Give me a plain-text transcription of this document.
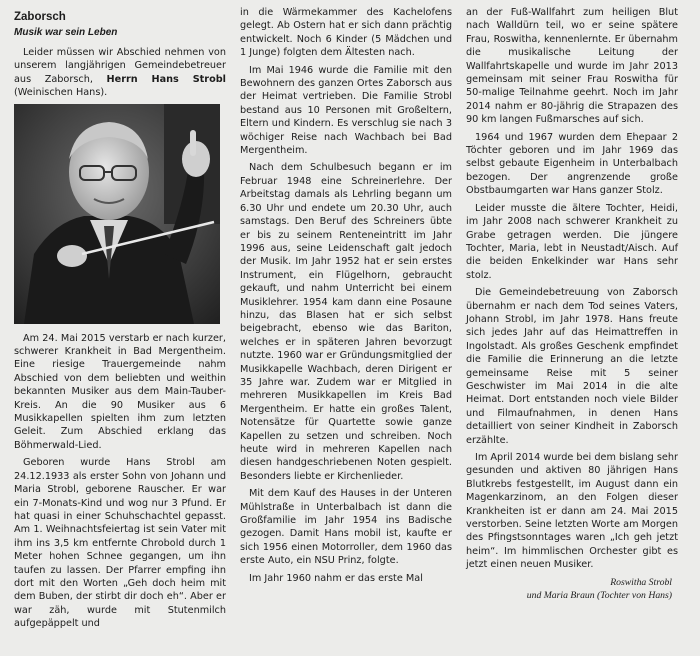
Zaborsch
Musik war sein Leben

Leider müssen wir Abschied nehmen von unserem langjährigen Gemeindebetreuer aus Zaborsch, Herrn Hans Strobl (Weinischen Hans).

Am 24. Mai 2015 verstarb er nach kurzer, schwerer Krankheit in Bad Mergentheim. Eine riesige Trauergemeinde nahm Abschied von dem beliebten und weithin bekannten Musiker aus dem Main-Tauber-Kreis. An die 90 Musiker aus 6 Musikkapellen spielten ihm zum letzten Geleit. Zum Abschied erklang das Böhmerwald-Lied.

Geboren wurde Hans Strobl am 24.12.1933 als erster Sohn von Johann und Maria Strobl, geborene Rauscher. Er war ein 7-Monats-Kind und wog nur 3 Pfund. Er hat quasi in einer Schuhschachtel gepasst. Am 1. Weihnachtsfeiertag ist sein Vater mit ihm ins 3,5 km entfernte Chrobold durch 1 Meter hohen Schnee gegangen, um ihn taufen zu lassen. Der Pfarrer empfing ihn dort mit den Worten „Geh doch heim mit dem Buben, der stirbt dir doch eh“. Aber er war zäh, wurde mit Stutenmilch aufgepäppelt und

in die Wärmekammer des Kachelofens gelegt. Ab Ostern hat er sich dann prächtig entwickelt. Noch 6 Kinder (5 Mädchen und 1 Junge) folgten dem Ältesten nach.

Im Mai 1946 wurde die Familie mit den Bewohnern des ganzen Ortes Zaborsch aus der Heimat vertrieben. Die Familie Strobl bestand aus 10 Personen mit Großeltern, Eltern und Kindern. Es verschlug sie nach 3 wöchiger Reise nach Wachbach bei Bad Mergentheim.

Nach dem Schulbesuch begann er im Februar 1948 eine Schreinerlehre. Der Arbeitstag damals als Lehrling begann um 6.30 Uhr und endete um 20.30 Uhr, auch samstags. Den Beruf des Schreiners übte er bis zu seinem Renteneintritt im Jahr 1996 aus, seine Leidenschaft galt jedoch der Musik. Im Jahr 1952 hat er sein erstes Instrument, ein Flügelhorn, gebraucht gekauft, und nahm Unterricht bei einem Musiklehrer. 1954 kam dann eine Posaune hinzu, das Blasen hat er sich selbst beigebracht, ebenso wie das Bariton, welches er in späteren Jahren bevorzugt nutzte. 1960 war er Gründungsmitglied der Musikkapelle Wachbach, deren Dirigent er 35 Jahre war. Zudem war er Mitglied in mehreren Musikkapellen im Kreis Bad Mergentheim. Er hatte ein großes Talent, Notensätze für Quartette sowie ganze Kapellen zu setzen und schreiben. Noch heute wird in mehreren Kapellen nach diesen handgeschriebenen Noten gespielt. Besonders liebte er Kirchenlieder.

Mit dem Kauf des Hauses in der Unteren Mühlstraße in Unterbalbach ist dann die Großfamilie im Jahr 1954 ins Badische gezogen. Damit Hans mobil ist, kaufte er sich 1956 einen Motorroller, dem 1960 das erste Auto, ein NSU Prinz, folgte.

Im Jahr 1960 nahm er das erste Mal

an der Fuß-Wallfahrt zum heiligen Blut nach Walldürn teil, wo er seine spätere Frau, Roswitha, kennenlernte. Er übernahm die musikalische Leitung der Wallfahrtskapelle und wurde im Jahr 2013 gemeinsam mit seiner Frau Roswitha für 50-malige Teilnahme geehrt. Noch im Jahr 2014 nahm er 80-jährig die Strapazen des 90 km langen Fußmarsches auf sich.

1964 und 1967 wurden dem Ehepaar 2 Töchter geboren und im Jahr 1969 das selbst gebaute Eigenheim in Unterbalbach bezogen. Der angrenzende große Obstbaumgarten war Hans ganzer Stolz.

Leider musste die ältere Tochter, Heidi, im Jahr 2008 nach schwerer Krankheit zu Grabe getragen werden. Die jüngere Tochter, Maria, lebt in Neustadt/Aisch. Auf die beiden Enkelkinder war Hans sehr stolz.

Die Gemeindebetreuung von Zaborsch übernahm er nach dem Tod seines Vaters, Johann Strobl, im Jahr 1978. Hans freute sich jedes Jahr auf das Heimattreffen in Ingolstadt. Als großes Geschenk empfindet die Familie die Erinnerung an die letzte gemeinsame Reise mit 5 seiner Geschwister im Mai 2014 in die alte Heimat. Dort entstanden noch viele Bilder und Filmaufnahmen, in denen Hans detailliert von seiner Kindheit in Zaborsch erzählte.

Im April 2014 wurde bei dem bislang sehr gesunden und aktiven 80 jährigen Hans Blutkrebs festgestellt, im August dann ein Magenkarzinom, an den Folgen dieser Krankheiten ist er dann am 24. Mai 2015 verstorben. Seine letzten Worte am Morgen des Pfingstsonntages waren „Ich geh jetzt heim“. Im himmlischen Orchester gibt es jetzt einen neuen Musiker.

Roswitha Strobl
und Maria Braun (Tochter von Hans)
